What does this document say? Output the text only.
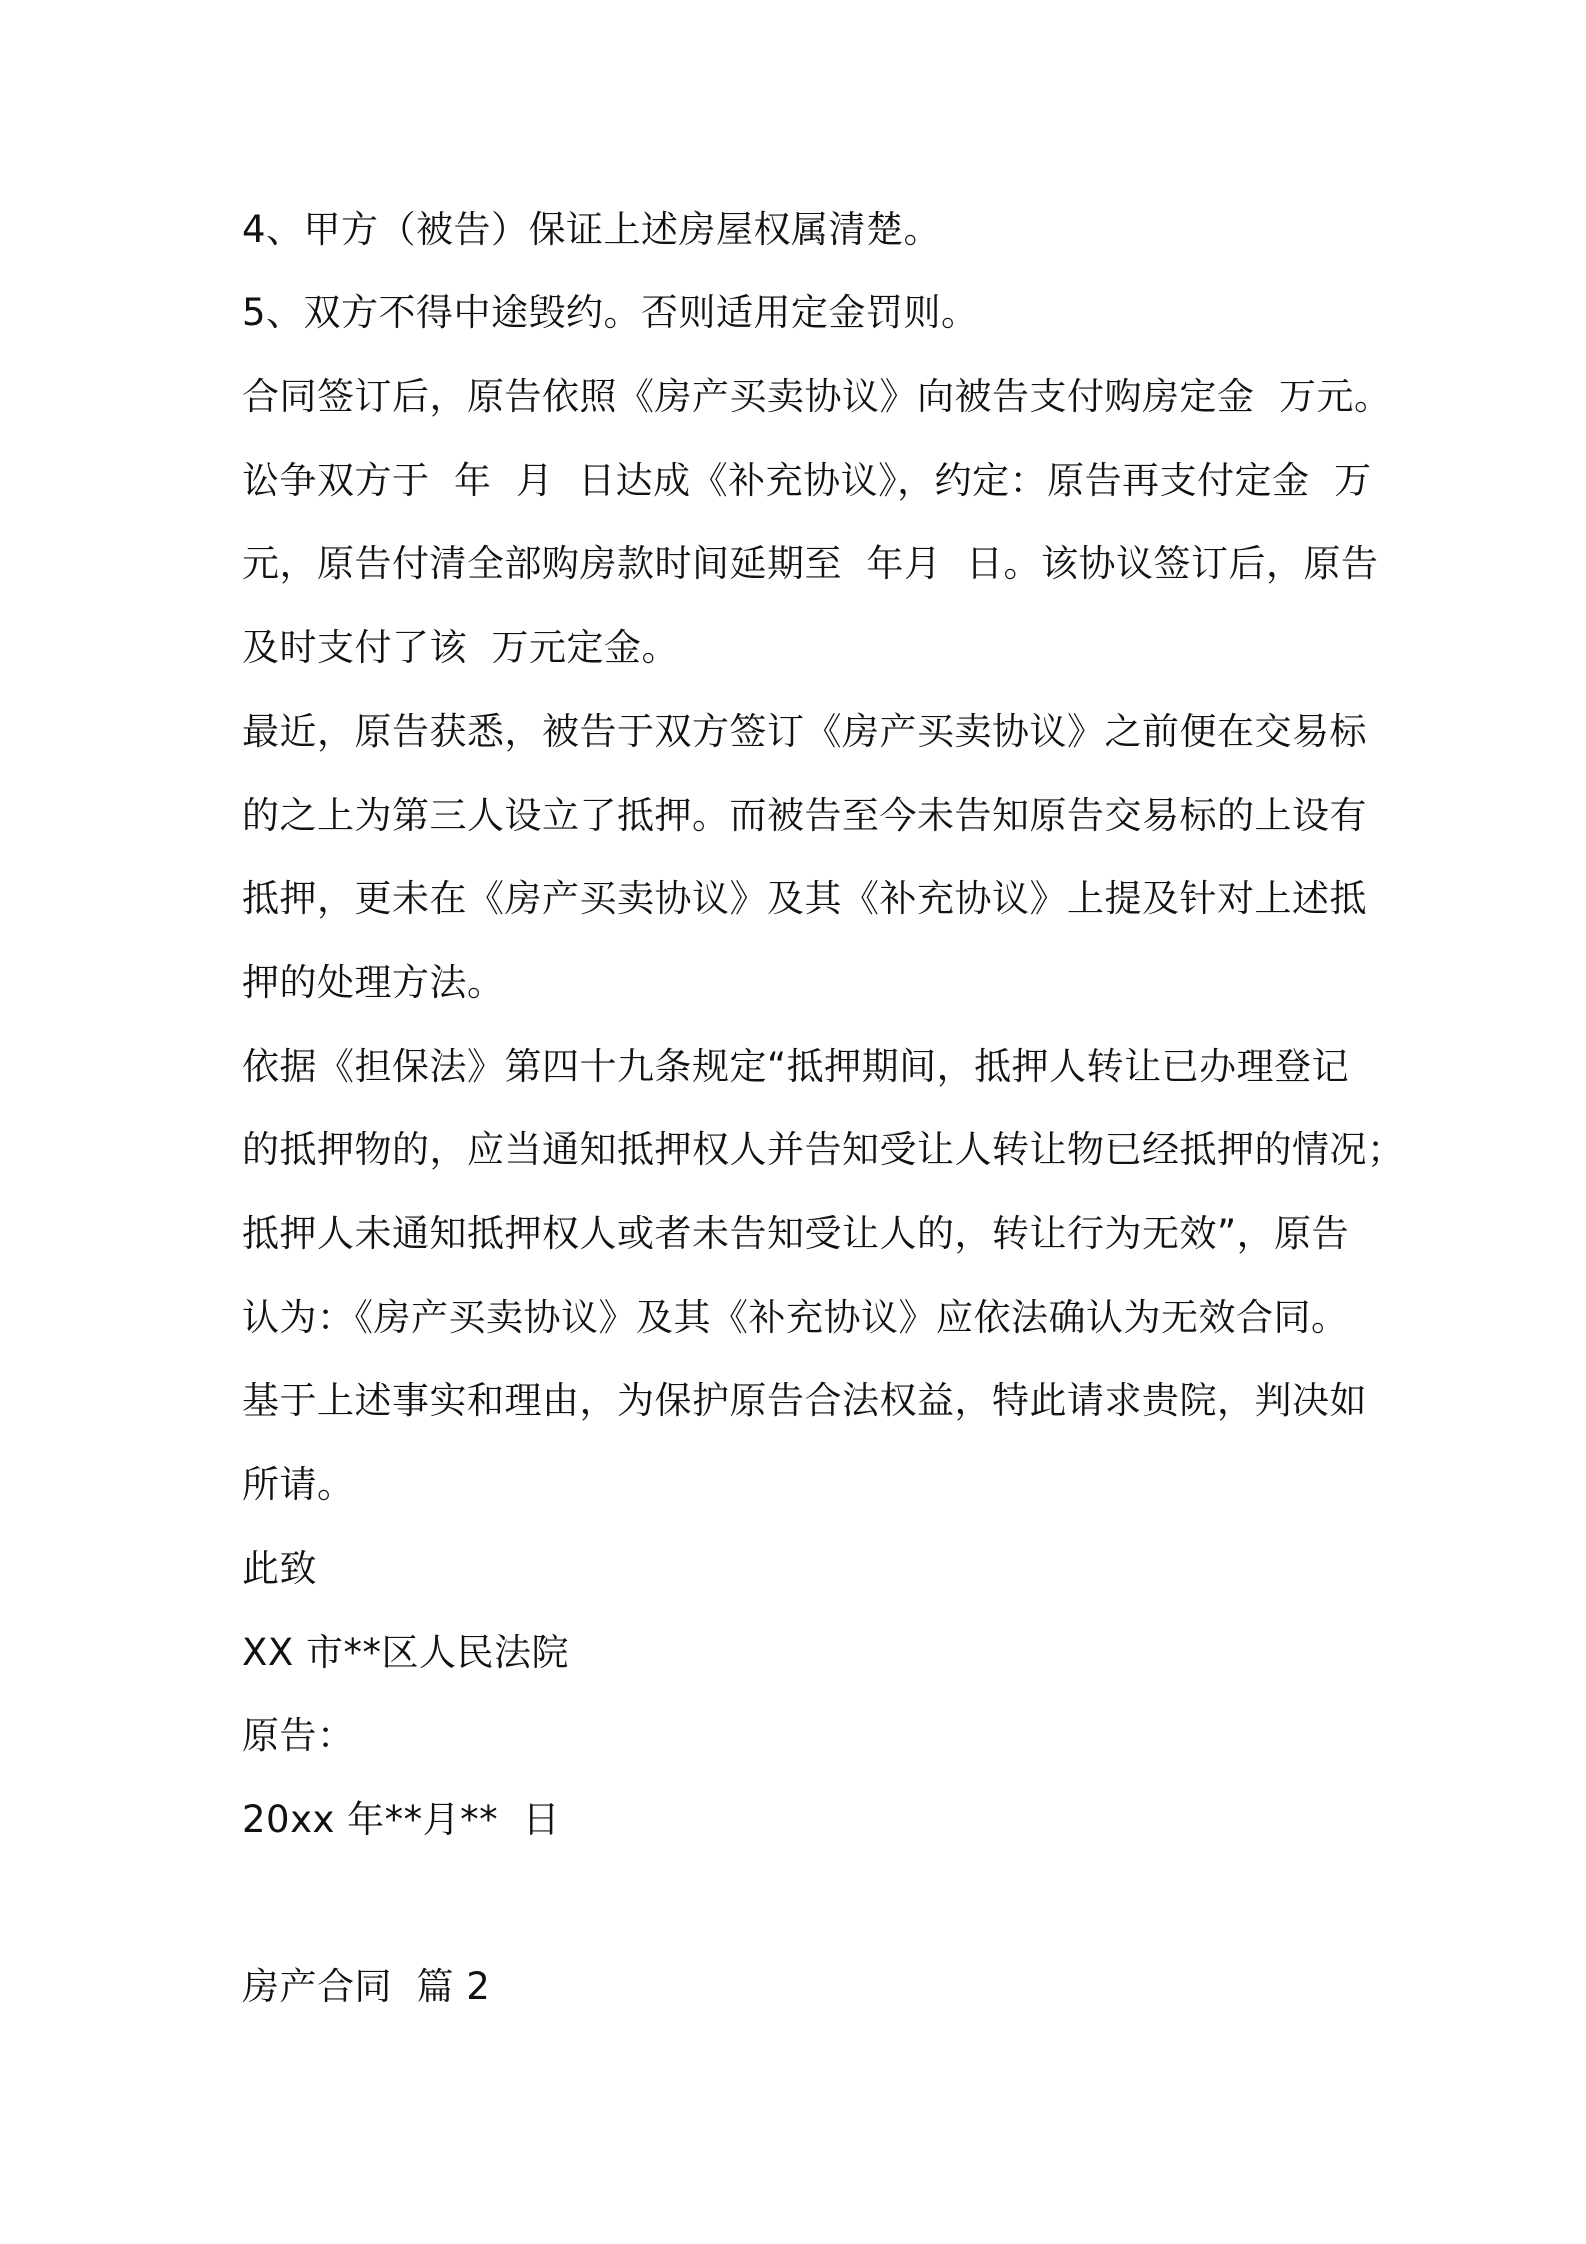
4、甲方（被告）保证上述房屋权属清楚。
5、双方不得中途毁约。否则适用定金罚则。
合同签订后，原告依照《房产买卖协议》向被告支付购房定金  万元。
讼争双方于  年  月  日达成《补充协议》，约定：原告再支付定金  万
元，原告付清全部购房款时间延期至  年月  日。该协议签订后，原告
及时支付了该  万元定金。
最近，原告获悉，被告于双方签订《房产买卖协议》之前便在交易标
的之上为第三人设立了抵押。而被告至今未告知原告交易标的上设有
抵押，更未在《房产买卖协议》及其《补充协议》上提及针对上述抵
押的处理方法。
依据《担保法》第四十九条规定“抵押期间，抵押人转让已办理登记
的抵押物的，应当通知抵押权人并告知受让人转让物已经抵押的情况；
抵押人未通知抵押权人或者未告知受让人的，转让行为无效”，原告
认为：《房产买卖协议》及其《补充协议》应依法确认为无效合同。
基于上述事实和理由，为保护原告合法权益，特此请求贵院，判决如
所请。
此致
XX 市**区人民法院
原告：
20xx 年**月**  日
房产合同  篇 2
